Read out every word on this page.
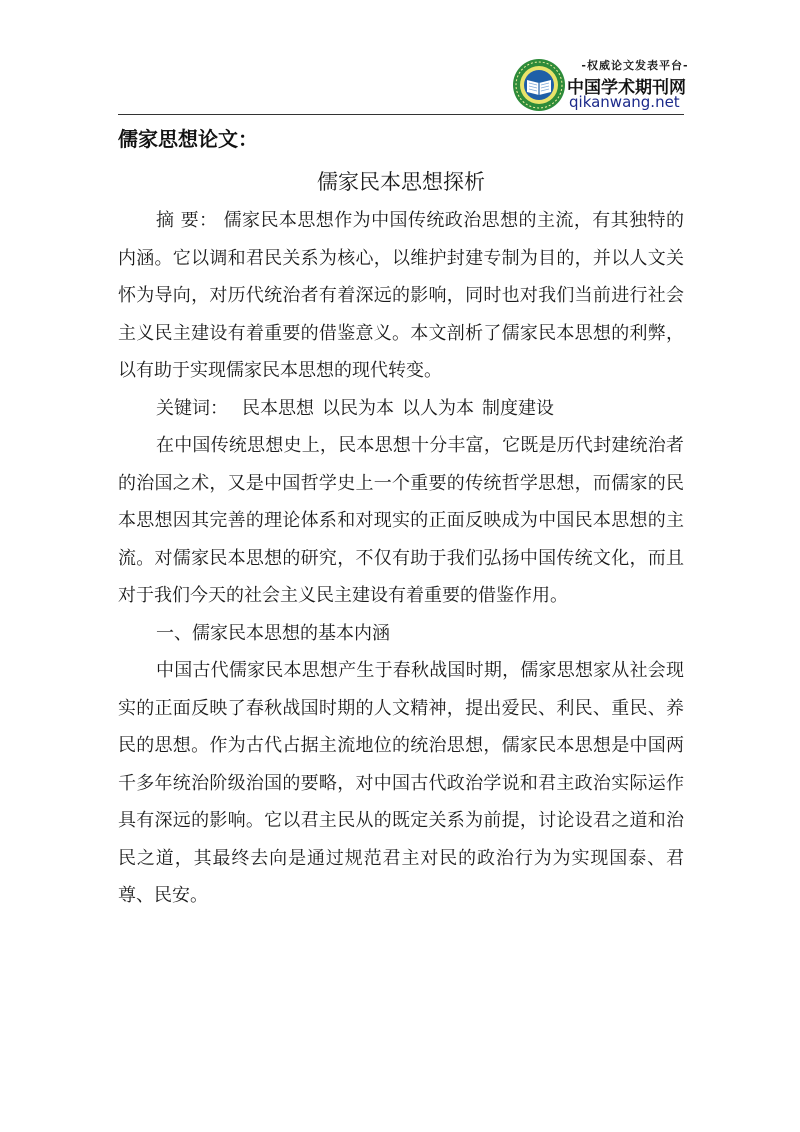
-权威论文发表平台-
中国学术期刊网
qikanwang.net
儒家思想论文：
儒家民本思想探析

摘 要： 儒家民本思想作为中国传统政治思想的主流，有其独特的内涵。它以调和君民关系为核心，以维护封建专制为目的，并以人文关怀为导向，对历代统治者有着深远的影响，同时也对我们当前进行社会主义民主建设有着重要的借鉴意义。本文剖析了儒家民本思想的利弊，以有助于实现儒家民本思想的现代转变。

关键词： 民本思想 以民为本 以人为本 制度建设

在中国传统思想史上，民本思想十分丰富，它既是历代封建统治者的治国之术，又是中国哲学史上一个重要的传统哲学思想，而儒家的民本思想因其完善的理论体系和对现实的正面反映成为中国民本思想的主流。对儒家民本思想的研究，不仅有助于我们弘扬中国传统文化，而且对于我们今天的社会主义民主建设有着重要的借鉴作用。

一、儒家民本思想的基本内涵

中国古代儒家民本思想产生于春秋战国时期，儒家思想家从社会现实的正面反映了春秋战国时期的人文精神，提出爱民、利民、重民、养民的思想。作为古代占据主流地位的统治思想，儒家民本思想是中国两千多年统治阶级治国的要略，对中国古代政治学说和君主政治实际运作具有深远的影响。它以君主民从的既定关系为前提，讨论设君之道和治民之道，其最终去向是通过规范君主对民的政治行为为实现国泰、君尊、民安。
